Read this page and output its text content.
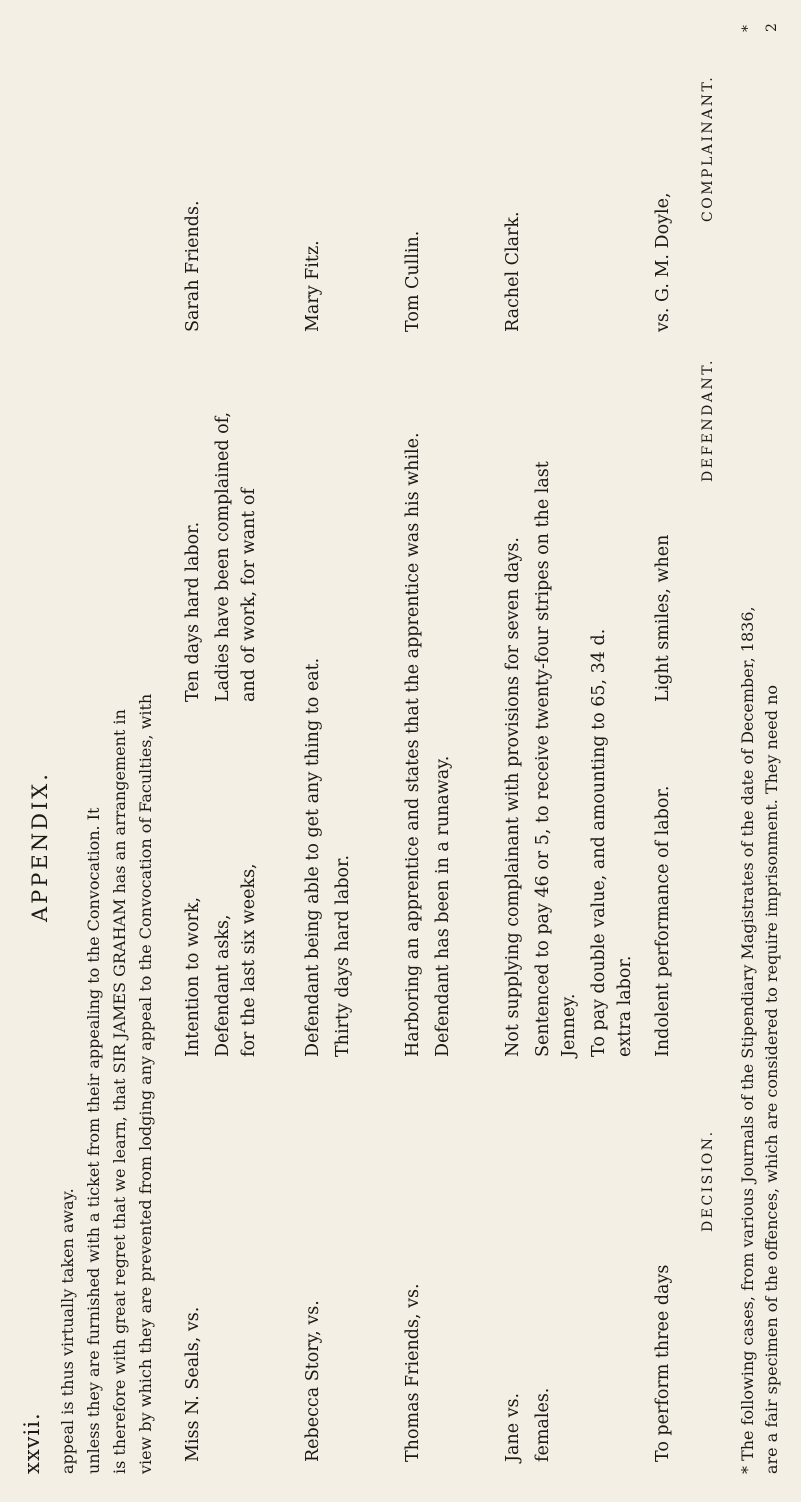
xxvii.
APPENDIX.
appeal is thus virtually taken away. unless they are furnished with a ticket from their appealing to the Convocation. It is therefore with great regret that we learn, that SIR JAMES GRAHAM has an arrangement in view by which they are prevented from lodging any appeal to the Convocation of Faculties, with Miss N. Seals, vs.
Intention to work,
Ten days hard labor.
Sarah Friends.
Defendant asks,
Ladies have been complained of,
for the last six weeks,
and of work, for want of
Rebecca Story, vs.
Defendant being able to get any thing to eat.
Mary Fitz.
Thirty days hard labor.
Thomas Friends, vs.
Harboring an apprentice and states that the apprentice was his while.
Tom Cullin.
Defendant has been in a runaway.
Jane vs.
Not supplying complainant with provisions for seven days.
Rachel Clark.
females.
Sentenced to pay 46 or 5, to receive twenty-four stripes on the last Jenney. To pay double value, and amounting to 65, 34 d. extra labor.
To perform three days
Indolent performance of labor.
Light smiles, when
vs. G. M. Doyle,
DECISION.
DEFENDANT.
COMPLAINANT.
* The following cases, from various Journals of the Stipendiary Magistrates of the date of December, 1836, are a fair specimen of the offences, which are considered to require imprisonment. They need no
* 2
